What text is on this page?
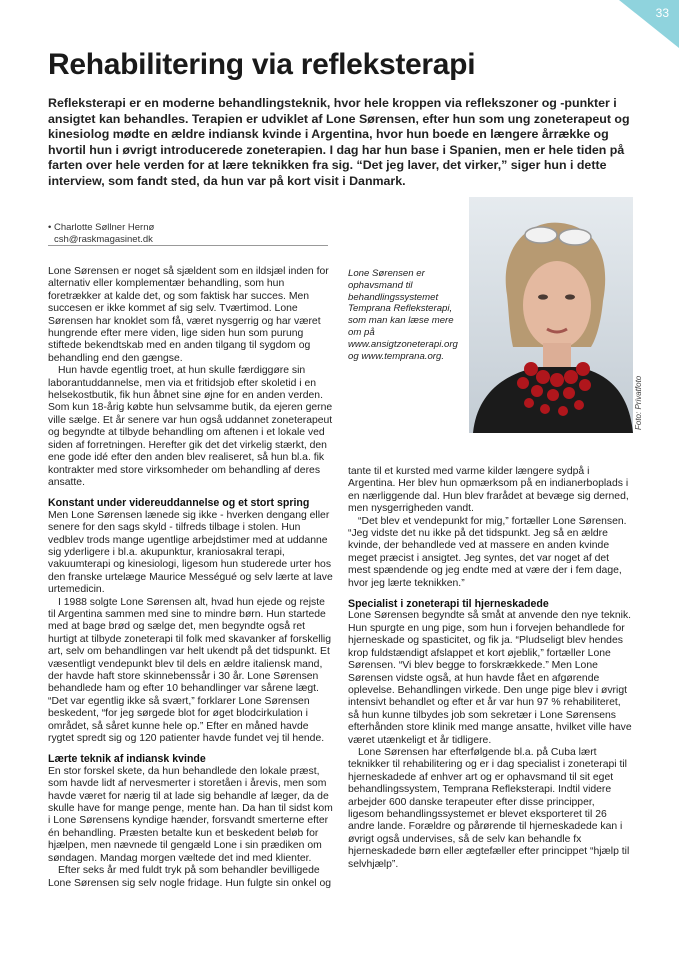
33
Rehabilitering via refleksterapi

Refleksterapi er en moderne behandlingsteknik, hvor hele kroppen via reflekszoner og -punkter i ansigtet kan behandles. Terapien er udviklet af Lone Sørensen, efter hun som ung zoneterapeut og kinesiolog mødte en ældre indiansk kvinde i Argentina, hvor hun boede en længere årrække og hvortil hun i øvrigt introducerede zoneterapien. I dag har hun base i Spanien, men er hele tiden på farten over hele verden for at lære teknikken fra sig. “Det jeg laver, det virker,” siger hun i dette interview, som fandt sted, da hun var på kort visit i Danmark.

• Charlotte Søllner Hernø
csh@raskmagasinet.dk
Lone Sørensen er ophavsmand til behandlingssystemet Temprana Refleksterapi, som man kan læse mere om på www.ansigtzoneterapi.org og www.temprana.org.
Foto: Privatfoto

Lone Sørensen er noget så sjældent som en ildsjæl inden for alternativ eller komplementær behandling, som hun foretrækker at kalde det, og som faktisk har succes. Men succesen er ikke kommet af sig selv. Tværtimod. Lone Sørensen har knoklet som få, været nysgerrig og har været hungrende efter mere viden, lige siden hun som purung stiftede bekendtskab med en anden tilgang til sygdom og behandling end den gængse.

Hun havde egentlig troet, at hun skulle færdiggøre sin laborantuddannelse, men via et fritidsjob efter skoletid i en helsekostbutik, fik hun åbnet sine øjne for en anden verden. Som kun 18-årig købte hun selvsamme butik, da ejeren gerne ville sælge. Et år senere var hun også uddannet zoneterapeut og begyndte at tilbyde behandling om aftenen i et lokale ved siden af forretningen. Herefter gik det det virkelig stærkt, den ene gode idé efter den anden blev realiseret, så hun bl.a. fik kontrakter med store virksomheder om behandling af deres ansatte.

Konstant under videreuddannelse og et stort spring

Men Lone Sørensen lænede sig ikke - hverken dengang eller senere for den sags skyld - tilfreds tilbage i stolen. Hun vedblev trods mange ugentlige arbejdstimer med at uddanne sig yderligere i bl.a. akupunktur, kraniosakral terapi, vakuumterapi og kinesiologi, ligesom hun studerede urter hos den franske urtelæge Maurice Mességué og selv lærte at lave urtemedicin.

I 1988 solgte Lone Sørensen alt, hvad hun ejede og rejste til Argentina sammen med sine to mindre børn. Hun startede med at bage brød og sælge det, men begyndte også ret hurtigt at tilbyde zoneterapi til folk med skavanker af forskellig art, selv om behandlingen var helt ukendt på det tidspunkt. Et væsentligt vendepunkt blev til dels en ældre italiensk mand, der havde haft store skinnebenssår i 30 år. Lone Sørensen behandlede ham og efter 10 behandlinger var sårene lægt. “Det var egentlig ikke så svært,” forklarer Lone Sørensen beskedent, “for jeg sørgede blot for øget blodcirkulation i området, så såret kunne hele op.” Efter en måned havde rygtet spredt sig og 120 patienter havde fundet vej til hende.

Lærte teknik af indiansk kvinde

En stor forskel skete, da hun behandlede den lokale præst, som havde lidt af nervesmerter i storetåen i årevis, men som havde været for nærig til at lade sig behandle af læger, da de skulle have for mange penge, mente han. Da han til sidst kom i Lone Sørensens kyndige hænder, forsvandt smerterne efter én behandling. Præsten betalte kun et beskedent beløb for hjælpen, men nævnede til gengæld Lone i sin prædiken om søndagen. Mandag morgen væltede det ind med klienter.

Efter seks år med fuldt tryk på som behandler bevilligede Lone Sørensen sig selv nogle fridage. Hun fulgte sin onkel og

tante til et kursted med varme kilder længere sydpå i Argentina. Her blev hun opmærksom på en indianerboplads i en nærliggende dal. Hun blev frarådet at bevæge sig derned, men nysgerrigheden vandt.

“Det blev et vendepunkt for mig,” fortæller Lone Sørensen. “Jeg vidste det nu ikke på det tidspunkt. Jeg så en ældre kvinde, der behandlede ved at massere en anden kvinde meget præcist i ansigtet. Jeg syntes, det var noget af det mest spændende og jeg endte med at være der i fem dage, hvor jeg lærte teknikken.”

Specialist i zoneterapi til hjerneskadede

Lone Sørensen begyndte så småt at anvende den nye teknik. Hun spurgte en ung pige, som hun i forvejen behandlede for hjerneskade og spasticitet, og fik ja. “Pludseligt blev hendes krop fuldstændigt afslappet et kort øjeblik,” fortæller Lone Sørensen. “Vi blev begge to forskrækkede.” Men Lone Sørensen vidste også, at hun havde fået en afgørende oplevelse. Behandlingen virkede. Den unge pige blev i øvrigt intensivt behandlet og efter et år var hun 97 % rehabiliteret, så hun kunne tilbydes job som sekretær i Lone Sørensens efterhånden store klinik med mange ansatte, hvilket ville have været utænkeligt et år tidligere.

Lone Sørensen har efterfølgende bl.a. på Cuba lært teknikker til rehabilitering og er i dag specialist i zoneterapi til hjerneskadede af enhver art og er ophavsmand til sit eget behandlingssystem, Temprana Refleksterapi. Indtil videre arbejder 600 danske terapeuter efter disse principper, ligesom behandlingssystemet er blevet eksporteret til 26 andre lande. Forældre og pårørende til hjerneskadede kan i øvrigt også undervises, så de selv kan behandle fx hjerneskadede børn eller ægtefæller efter princippet “hjælp til selvhjælp”.
